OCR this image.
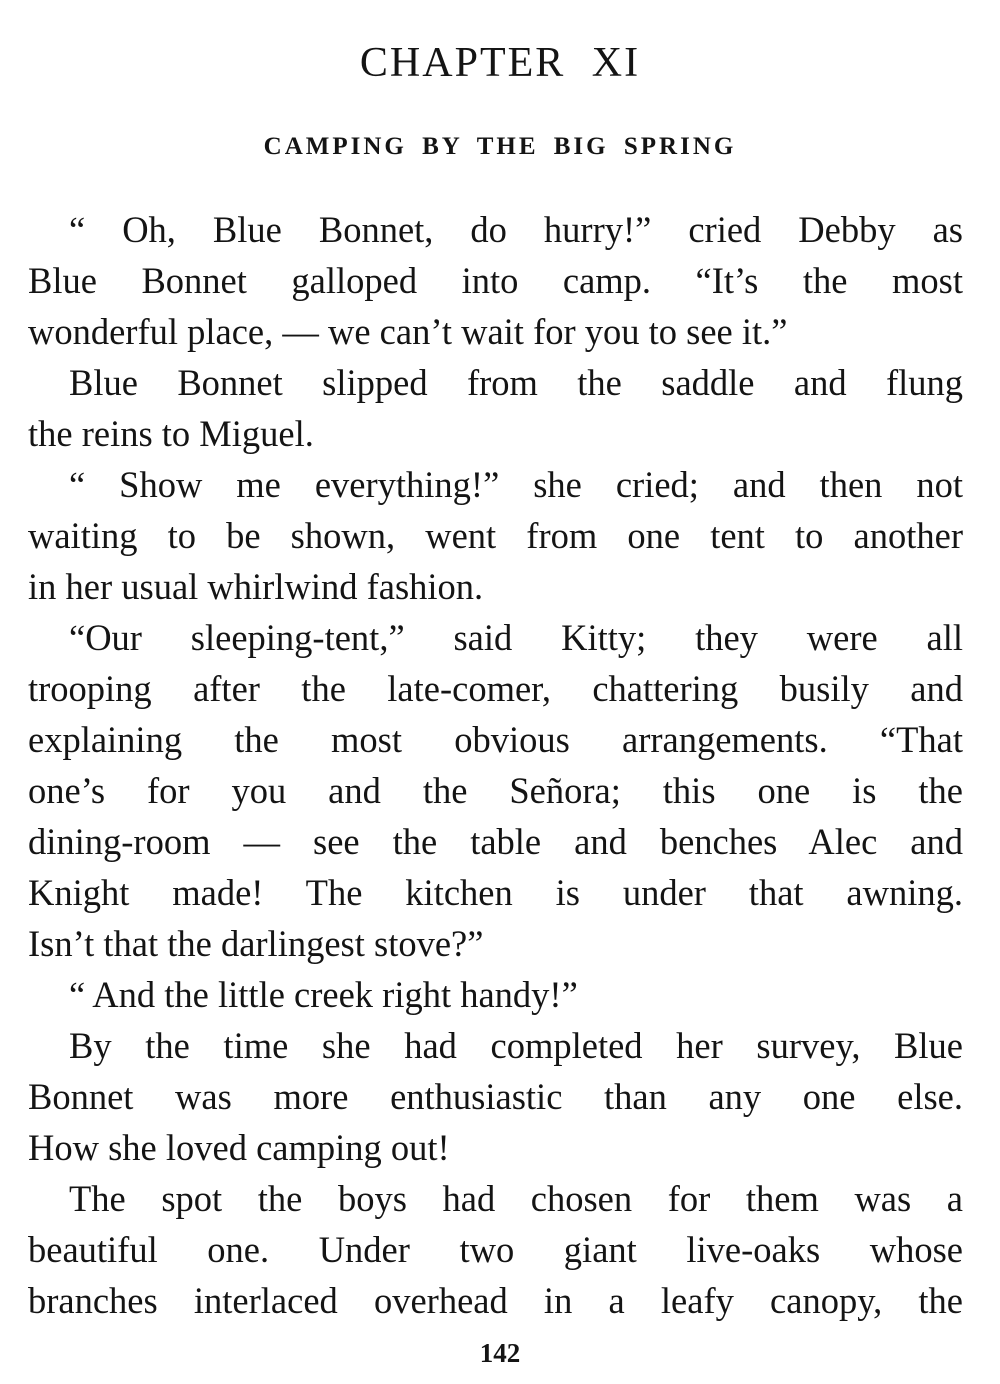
CHAPTER XI
CAMPING BY THE BIG SPRING
“ Oh, Blue Bonnet, do hurry!” cried Debby as
Blue Bonnet galloped into camp. “It’s the most
wonderful place, — we can’t wait for you to see it.”
Blue Bonnet slipped from the saddle and flung
the reins to Miguel.
“ Show me everything!” she cried; and then not
waiting to be shown, went from one tent to another
in her usual whirlwind fashion.
“Our sleeping-tent,” said Kitty; they were all
trooping after the late-comer, chattering busily and
explaining the most obvious arrangements. “That
one’s for you and the Señora; this one is the
dining-room — see the table and benches Alec and
Knight made! The kitchen is under that awning.
Isn’t that the darlingest stove?”
“ And the little creek right handy!”
By the time she had completed her survey, Blue
Bonnet was more enthusiastic than any one else.
How she loved camping out!
The spot the boys had chosen for them was a
beautiful one. Under two giant live-oaks whose
branches interlaced overhead in a leafy canopy, the
142
